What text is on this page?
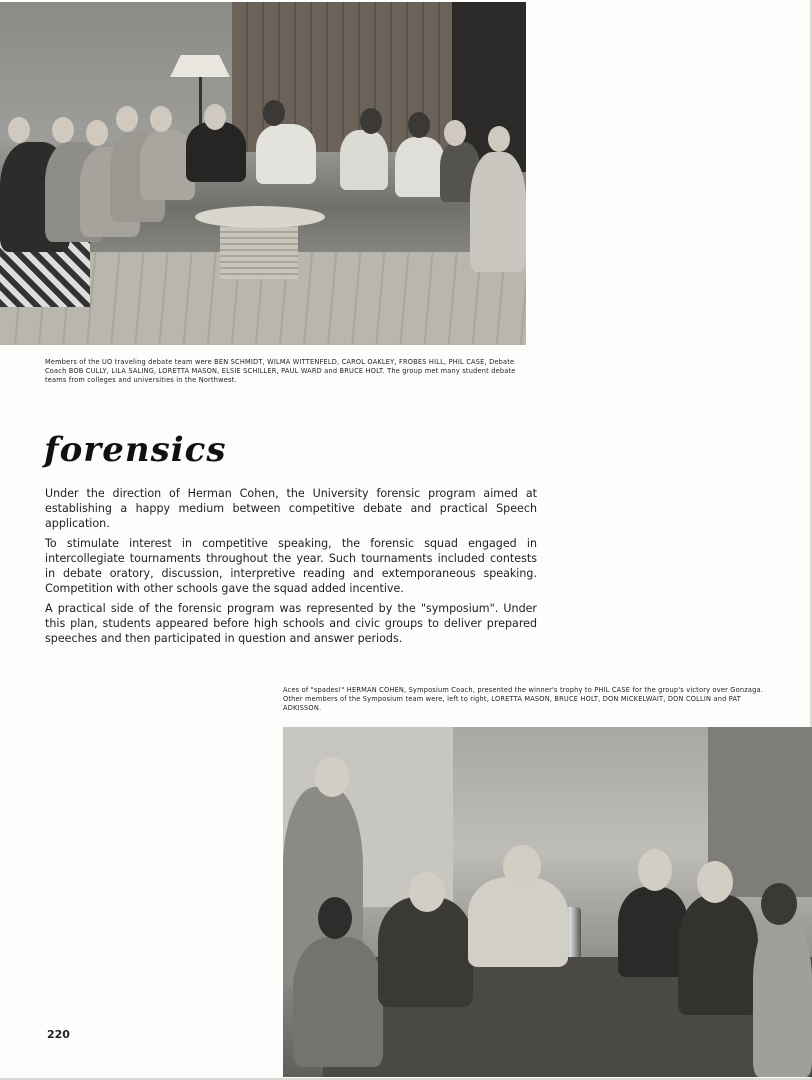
Members of the UO traveling debate team were BEN SCHMIDT, WILMA WITTENFELD, CAROL OAKLEY, FROBES HILL, PHIL CASE, Debate Coach BOB CULLY, LILA SALING, LORETTA MASON, ELSIE SCHILLER, PAUL WARD and BRUCE HOLT. The group met many student debate teams from colleges and universities in the Northwest.
forensics

Under the direction of Herman Cohen, the University forensic program aimed at establishing a happy medium between competitive debate and practical Speech application.

To stimulate interest in competitive speaking, the forensic squad engaged in intercollegiate tournaments throughout the year. Such tournaments included contests in debate oratory, discussion, interpretive reading and extemporaneous speaking. Competition with other schools gave the squad added incentive.

A practical side of the forensic program was represented by the "symposium". Under this plan, students appeared before high schools and civic groups to deliver prepared speeches and then participated in question and answer periods.

Aces of "spades!" HERMAN COHEN, Symposium Coach, presented the winner's trophy to PHIL CASE for the group's victory over Gonzaga. Other members of the Symposium team were, left to right, LORETTA MASON, BRUCE HOLT, DON MICKELWAIT, DON COLLIN and PAT ADKISSON.
220
